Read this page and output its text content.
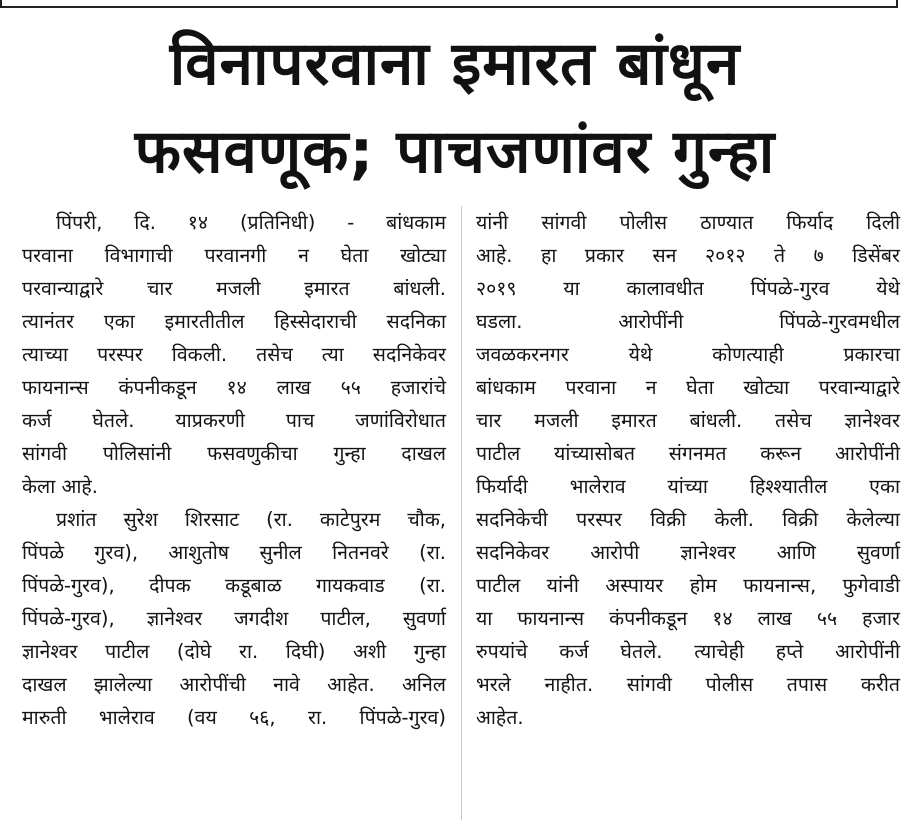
विनापरवाना इमारत बांधून
फसवणूक; पाचजणांवर गुन्हा

पिंपरी, दि. १४ (प्रतिनिधी) - बांधकाम

परवाना विभागाची परवानगी न घेता खोट्या

परवान्याद्वारे चार मजली इमारत बांधली.

त्यानंतर एका इमारतीतील हिस्सेदाराची सदनिका

त्याच्या परस्पर विकली. तसेच त्या सदनिकेवर

फायनान्स कंपनीकडून १४ लाख ५५ हजारांचे

कर्ज घेतले. याप्रकरणी पाच जणांविरोधात

सांगवी पोलिसांनी फसवणुकीचा गुन्हा दाखल

केला आहे.

प्रशांत सुरेश शिरसाट (रा. काटेपुरम चौक,

पिंपळे गुरव), आशुतोष सुनील नितनवरे (रा.

पिंपळे-गुरव), दीपक कडूबाळ गायकवाड (रा.

पिंपळे-गुरव), ज्ञानेश्वर जगदीश पाटील, सुवर्णा

ज्ञानेश्वर पाटील (दोघे रा. दिघी) अशी गुन्हा

दाखल झालेल्या आरोपींची नावे आहेत. अनिल

मारुती भालेराव (वय ५६, रा. पिंपळे-गुरव)

यांनी सांगवी पोलीस ठाण्यात फिर्याद दिली

आहे. हा प्रकार सन २०१२ ते ७ डिसेंबर

२०१९ या कालावधीत पिंपळे-गुरव येथे

घडला. आरोपींनी पिंपळे-गुरवमधील

जवळकरनगर येथे कोणत्याही प्रकारचा

बांधकाम परवाना न घेता खोट्या परवान्याद्वारे

चार मजली इमारत बांधली. तसेच ज्ञानेश्वर

पाटील यांच्यासोबत संगनमत करून आरोपींनी

फिर्यादी भालेराव यांच्या हिश्श्यातील एका

सदनिकेची परस्पर विक्री केली. विक्री केलेल्या

सदनिकेवर आरोपी ज्ञानेश्वर आणि सुवर्णा

पाटील यांनी अस्पायर होम फायनान्स, फुगेवाडी

या फायनान्स कंपनीकडून १४ लाख ५५ हजार

रुपयांचे कर्ज घेतले. त्याचेही हप्ते आरोपींनी

भरले नाहीत. सांगवी पोलीस तपास करीत

आहेत.
